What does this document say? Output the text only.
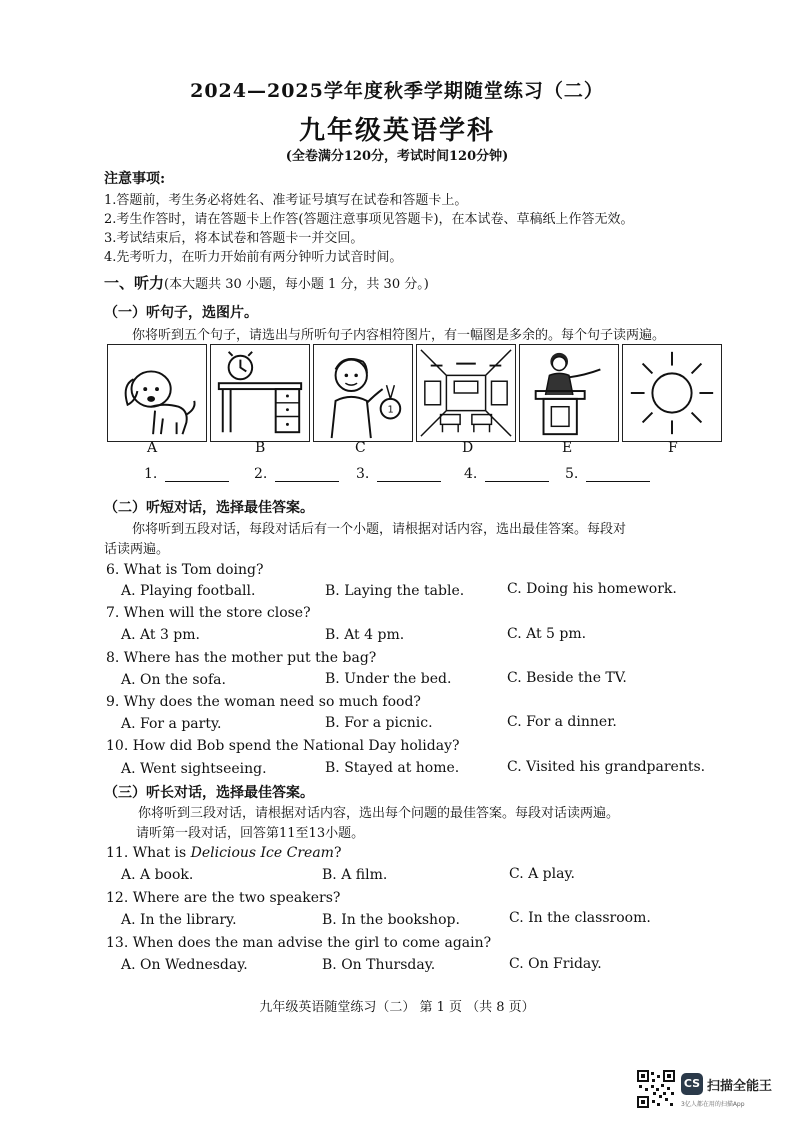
2024—2025学年度秋季学期随堂练习（二）
九年级英语学科
(全卷满分120分，考试时间120分钟)
注意事项:
1.答题前，考生务必将姓名、准考证号填写在试卷和答题卡上。
2.考生作答时，请在答题卡上作答(答题注意事项见答题卡)，在本试卷、草稿纸上作答无效。
3.考试结束后，将本试卷和答题卡一并交回。
4.先考听力，在听力开始前有两分钟听力试音时间。
一、听力(本大题共 30 小题，每小题 1 分，共 30 分。)
（一）听句子，选图片。
你将听到五个句子，请选出与所听句子内容相符图片，有一幅图是多余的。每个句子读两遍。
1
A	B	C	D	E	F
1.	2.	3.	4.	5.
（二）听短对话，选择最佳答案。
你将听到五段对话，每段对话后有一个小题，请根据对话内容，选出最佳答案。每段对
话读两遍。
6. What is Tom doing?
A. Playing football.	B. Laying the table.	C. Doing his homework.
7. When will the store close?
A. At 3 pm.	B. At 4 pm.	C. At 5 pm.
8. Where has the mother put the bag?
A. On the sofa.	B. Under the bed.	C. Beside the TV.
9. Why does the woman need so much food?
A. For a party.	B. For a picnic.	C. For a dinner.
10. How did Bob spend the National Day holiday?
A. Went sightseeing.	B. Stayed at home.	C. Visited his grandparents.
（三）听长对话，选择最佳答案。
你将听到三段对话，请根据对话内容，选出每个问题的最佳答案。每段对话读两遍。
请听第一段对话，回答第11至13小题。
11. What is Delicious Ice Cream?
A. A book.	B. A film.	C. A play.
12. Where are the two speakers?
A. In the library.	B. In the bookshop.	C. In the classroom.
13. When does the man advise the girl to come again?
A. On Wednesday.	B. On Thursday.	C. On Friday.
九年级英语随堂练习（二） 第 1 页 （共 8 页）
CS 扫描全能王
3亿人都在用的扫描App
